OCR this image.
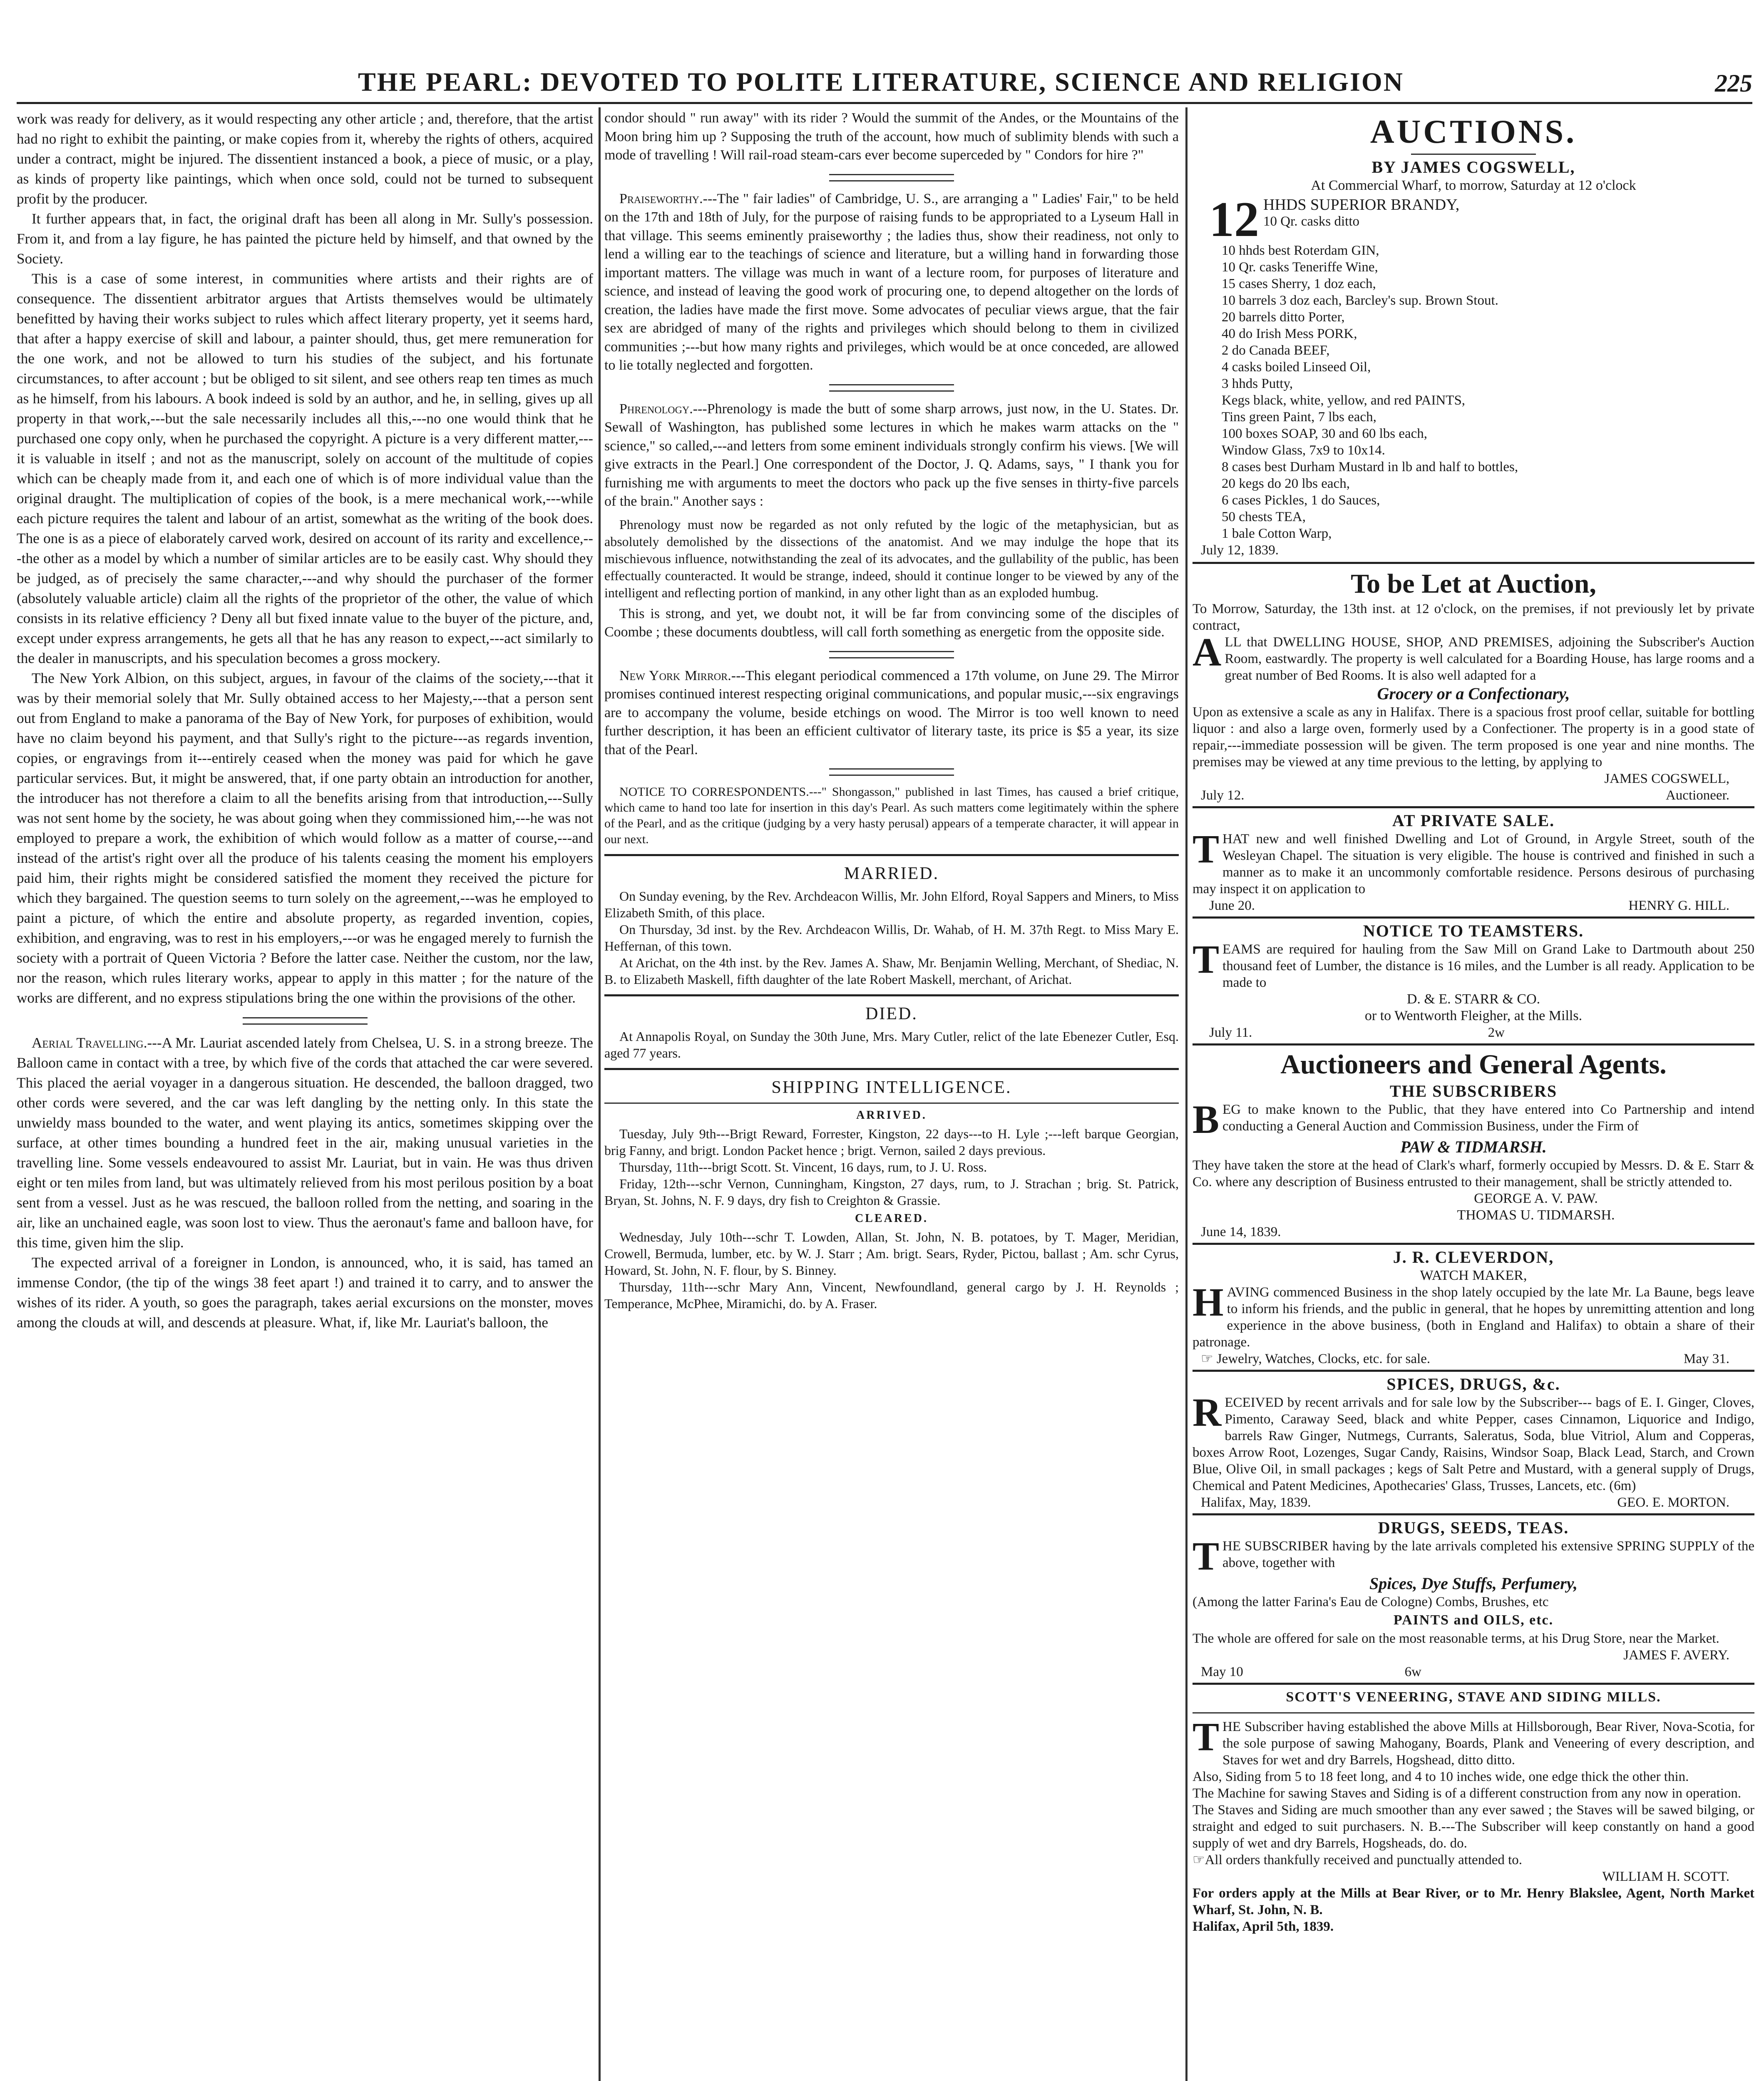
THE PEARL: DEVOTED TO POLITE LITERATURE, SCIENCE AND RELIGION	225

work was ready for delivery, as it would respecting any other article ; and, therefore, that the artist had no right to exhibit the painting, or make copies from it, whereby the rights of others, acquired under a contract, might be injured. The dissentient instanced a book, a piece of music, or a play, as kinds of property like paintings, which when once sold, could not be turned to subsequent profit by the producer.

It further appears that, in fact, the original draft has been all along in Mr. Sully's possession. From it, and from a lay figure, he has painted the picture held by himself, and that owned by the Society.

This is a case of some interest, in communities where artists and their rights are of consequence. The dissentient arbitrator argues that Artists themselves would be ultimately benefitted by having their works subject to rules which affect literary property, yet it seems hard, that after a happy exercise of skill and labour, a painter should, thus, get mere remuneration for the one work, and not be allowed to turn his studies of the subject, and his fortunate circumstances, to after account ; but be obliged to sit silent, and see others reap ten times as much as he himself, from his labours. A book indeed is sold by an author, and he, in selling, gives up all property in that work,---but the sale necessarily includes all this,---no one would think that he purchased one copy only, when he purchased the copyright. A picture is a very different matter,---it is valuable in itself ; and not as the manuscript, solely on account of the multitude of copies which can be cheaply made from it, and each one of which is of more individual value than the original draught. The multiplication of copies of the book, is a mere mechanical work,---while each picture requires the talent and labour of an artist, somewhat as the writing of the book does. The one is as a piece of elaborately carved work, desired on account of its rarity and excellence,---the other as a model by which a number of similar articles are to be easily cast. Why should they be judged, as of precisely the same character,---and why should the purchaser of the former (absolutely valuable article) claim all the rights of the proprietor of the other, the value of which consists in its relative efficiency ? Deny all but fixed innate value to the buyer of the picture, and, except under express arrangements, he gets all that he has any reason to expect,---act similarly to the dealer in manuscripts, and his speculation becomes a gross mockery.

The New York Albion, on this subject, argues, in favour of the claims of the society,---that it was by their memorial solely that Mr. Sully obtained access to her Majesty,---that a person sent out from England to make a panorama of the Bay of New York, for purposes of exhibition, would have no claim beyond his payment, and that Sully's right to the picture---as regards invention, copies, or engravings from it---entirely ceased when the money was paid for which he gave particular services. But, it might be answered, that, if one party obtain an introduction for another, the introducer has not therefore a claim to all the benefits arising from that introduction,---Sully was not sent home by the society, he was about going when they commissioned him,---he was not employed to prepare a work, the exhibition of which would follow as a matter of course,---and instead of the artist's right over all the produce of his talents ceasing the moment his employers paid him, their rights might be considered satisfied the moment they received the picture for which they bargained. The question seems to turn solely on the agreement,---was he employed to paint a picture, of which the entire and absolute property, as regarded invention, copies, exhibition, and engraving, was to rest in his employers,---or was he engaged merely to furnish the society with a portrait of Queen Victoria ? Before the latter case. Neither the custom, nor the law, nor the reason, which rules literary works, appear to apply in this matter ; for the nature of the works are different, and no express stipulations bring the one within the provisions of the other.

Aerial Travelling.---A Mr. Lauriat ascended lately from Chelsea, U. S. in a strong breeze. The Balloon came in contact with a tree, by which five of the cords that attached the car were severed. This placed the aerial voyager in a dangerous situation. He descended, the balloon dragged, two other cords were severed, and the car was left dangling by the netting only. In this state the unwieldy mass bounded to the water, and went playing its antics, sometimes skipping over the surface, at other times bounding a hundred feet in the air, making unusual varieties in the travelling line. Some vessels endeavoured to assist Mr. Lauriat, but in vain. He was thus driven eight or ten miles from land, but was ultimately relieved from his most perilous position by a boat sent from a vessel. Just as he was rescued, the balloon rolled from the netting, and soaring in the air, like an unchained eagle, was soon lost to view. Thus the aeronaut's fame and balloon have, for this time, given him the slip.

The expected arrival of a foreigner in London, is announced, who, it is said, has tamed an immense Condor, (the tip of the wings 38 feet apart !) and trained it to carry, and to answer the wishes of its rider. A youth, so goes the paragraph, takes aerial excursions on the monster, moves among the clouds at will, and descends at pleasure. What, if, like Mr. Lauriat's balloon, the

condor should " run away" with its rider ? Would the summit of the Andes, or the Mountains of the Moon bring him up ? Supposing the truth of the account, how much of sublimity blends with such a mode of travelling ! Will rail-road steam-cars ever become superceded by " Condors for hire ?"

Praiseworthy.---The " fair ladies" of Cambridge, U. S., are arranging a " Ladies' Fair," to be held on the 17th and 18th of July, for the purpose of raising funds to be appropriated to a Lyseum Hall in that village. This seems eminently praiseworthy ; the ladies thus, show their readiness, not only to lend a willing ear to the teachings of science and literature, but a willing hand in forwarding those important matters. The village was much in want of a lecture room, for purposes of literature and science, and instead of leaving the good work of procuring one, to depend altogether on the lords of creation, the ladies have made the first move. Some advocates of peculiar views argue, that the fair sex are abridged of many of the rights and privileges which should belong to them in civilized communities ;---but how many rights and privileges, which would be at once conceded, are allowed to lie totally neglected and forgotten.

Phrenology.---Phrenology is made the butt of some sharp arrows, just now, in the U. States. Dr. Sewall of Washington, has published some lectures in which he makes warm attacks on the " science," so called,---and letters from some eminent individuals strongly confirm his views. [We will give extracts in the Pearl.] One correspondent of the Doctor, J. Q. Adams, says, " I thank you for furnishing me with arguments to meet the doctors who pack up the five senses in thirty-five parcels of the brain." Another says :

Phrenology must now be regarded as not only refuted by the logic of the metaphysician, but as absolutely demolished by the dissections of the anatomist. And we may indulge the hope that its mischievous influence, notwithstanding the zeal of its advocates, and the gullability of the public, has been effectually counteracted. It would be strange, indeed, should it continue longer to be viewed by any of the intelligent and reflecting portion of mankind, in any other light than as an exploded humbug.

This is strong, and yet, we doubt not, it will be far from convincing some of the disciples of Coombe ; these documents doubtless, will call forth something as energetic from the opposite side.

New York Mirror.---This elegant periodical commenced a 17th volume, on June 29. The Mirror promises continued interest respecting original communications, and popular music,---six engravings are to accompany the volume, beside etchings on wood. The Mirror is too well known to need further description, it has been an efficient cultivator of literary taste, its price is $5 a year, its size that of the Pearl.

NOTICE TO CORRESPONDENTS.---" Shongasson," published in last Times, has caused a brief critique, which came to hand too late for insertion in this day's Pearl. As such matters come legitimately within the sphere of the Pearl, and as the critique (judging by a very hasty perusal) appears of a temperate character, it will appear in our next.

MARRIED.

On Sunday evening, by the Rev. Archdeacon Willis, Mr. John Elford, Royal Sappers and Miners, to Miss Elizabeth Smith, of this place.

On Thursday, 3d inst. by the Rev. Archdeacon Willis, Dr. Wahab, of H. M. 37th Regt. to Miss Mary E. Heffernan, of this town.

At Arichat, on the 4th inst. by the Rev. James A. Shaw, Mr. Benjamin Welling, Merchant, of Shediac, N. B. to Elizabeth Maskell, fifth daughter of the late Robert Maskell, merchant, of Arichat.

DIED.

At Annapolis Royal, on Sunday the 30th June, Mrs. Mary Cutler, relict of the late Ebenezer Cutler, Esq. aged 77 years.

SHIPPING INTELLIGENCE.
ARRIVED.

Tuesday, July 9th---Brigt Reward, Forrester, Kingston, 22 days---to H. Lyle ;---left barque Georgian, brig Fanny, and brigt. London Packet hence ; brigt. Vernon, sailed 2 days previous.

Thursday, 11th---brigt Scott. St. Vincent, 16 days, rum, to J. U. Ross.

Friday, 12th---schr Vernon, Cunningham, Kingston, 27 days, rum, to J. Strachan ; brig. St. Patrick, Bryan, St. Johns, N. F. 9 days, dry fish to Creighton & Grassie.

CLEARED.

Wednesday, July 10th---schr T. Lowden, Allan, St. John, N. B. potatoes, by T. Mager, Meridian, Crowell, Bermuda, lumber, etc. by W. J. Starr ; Am. brigt. Sears, Ryder, Pictou, ballast ; Am. schr Cyrus, Howard, St. John, N. F. flour, by S. Binney.

Thursday, 11th---schr Mary Ann, Vincent, Newfoundland, general cargo by J. H. Reynolds ; Temperance, McPhee, Miramichi, do. by A. Fraser.

AUCTIONS.
BY JAMES COGSWELL,
At Commercial Wharf, to morrow, Saturday at 12 o'clock
12 HHDS SUPERIOR BRANDY,
10 Qr. casks ditto
10 hhds best Roterdam GIN,
10 Qr. casks Teneriffe Wine,
15 cases Sherry, 1 doz each,
10 barrels 3 doz each, Barcley's sup. Brown Stout.
20 barrels ditto Porter,
40 do Irish Mess PORK,
2 do Canada BEEF,
4 casks boiled Linseed Oil,
3 hhds Putty,
Kegs black, white, yellow, and red PAINTS,
Tins green Paint, 7 lbs each,
100 boxes SOAP, 30 and 60 lbs each,
Window Glass, 7x9 to 10x14.
8 cases best Durham Mustard in lb and half to bottles,
20 kegs do 20 lbs each,
6 cases Pickles, 1 do Sauces,
50 chests TEA,
1 bale Cotton Warp,

July 12, 1839.

To be Let at Auction,

To Morrow, Saturday, the 13th inst. at 12 o'clock, on the premises, if not previously let by private contract,

ALL that DWELLING HOUSE, SHOP, AND PREMISES, adjoining the Subscriber's Auction Room, eastwardly. The property is well calculated for a Boarding House, has large rooms and a great number of Bed Rooms. It is also well adapted for a

Grocery or a Confectionary,

Upon as extensive a scale as any in Halifax. There is a spacious frost proof cellar, suitable for bottling liquor : and also a large oven, formerly used by a Confectioner. The property is in a good state of repair,---immediate possession will be given. The term proposed is one year and nine months. The premises may be viewed at any time previous to the letting, by applying to

JAMES COGSWELL,
July 12.	Auctioneer.
AT PRIVATE SALE.

THAT new and well finished Dwelling and Lot of Ground, in Argyle Street, south of the Wesleyan Chapel. The situation is very eligible. The house is contrived and finished in such a manner as to make it an uncommonly comfortable residence. Persons desirous of purchasing may inspect it on application to

June 20.	HENRY G. HILL.
NOTICE TO TEAMSTERS.

TEAMS are required for hauling from the Saw Mill on Grand Lake to Dartmouth about 250 thousand feet of Lumber, the distance is 16 miles, and the Lumber is all ready. Application to be made to

D. & E. STARR & CO.
or to Wentworth Fleigher, at the Mills.
July 11.	2w
Auctioneers and General Agents.
THE SUBSCRIBERS

BEG to make known to the Public, that they have entered into Co Partnership and intend conducting a General Auction and Commission Business, under the Firm of

PAW & TIDMARSH.

They have taken the store at the head of Clark's wharf, formerly occupied by Messrs. D. & E. Starr & Co. where any description of Business entrusted to their management, shall be strictly attended to.

GEORGE A. V. PAW.
THOMAS U. TIDMARSH.

June 14, 1839.

J. R. CLEVERDON,
WATCH MAKER,

HAVING commenced Business in the shop lately occupied by the late Mr. La Baune, begs leave to inform his friends, and the public in general, that he hopes by unremitting attention and long experience in the above business, (both in England and Halifax) to obtain a share of their patronage.

☞ Jewelry, Watches, Clocks, etc. for sale.	May 31.
SPICES, DRUGS, &c.

RECEIVED by recent arrivals and for sale low by the Subscriber--- bags of E. I. Ginger, Cloves, Pimento, Caraway Seed, black and white Pepper, cases Cinnamon, Liquorice and Indigo, barrels Raw Ginger, Nutmegs, Currants, Saleratus, Soda, blue Vitriol, Alum and Copperas, boxes Arrow Root, Lozenges, Sugar Candy, Raisins, Windsor Soap, Black Lead, Starch, and Crown Blue, Olive Oil, in small packages ; kegs of Salt Petre and Mustard, with a general supply of Drugs, Chemical and Patent Medicines, Apothecaries' Glass, Trusses, Lancets, etc. (6m)

Halifax, May, 1839.	GEO. E. MORTON.
DRUGS, SEEDS, TEAS.

THE SUBSCRIBER having by the late arrivals completed his extensive SPRING SUPPLY of the above, together with

Spices, Dye Stuffs, Perfumery,

(Among the latter Farina's Eau de Cologne) Combs, Brushes, etc

PAINTS and OILS, etc.

The whole are offered for sale on the most reasonable terms, at his Drug Store, near the Market.

JAMES F. AVERY.
May 10	6w
SCOTT'S VENEERING, STAVE AND SIDING MILLS.

THE Subscriber having established the above Mills at Hillsborough, Bear River, Nova-Scotia, for the sole purpose of sawing Mahogany, Boards, Plank and Veneering of every description, and Staves for wet and dry Barrels, Hogshead, ditto ditto.

Also, Siding from 5 to 18 feet long, and 4 to 10 inches wide, one edge thick the other thin.

The Machine for sawing Staves and Siding is of a different construction from any now in operation.

The Staves and Siding are much smoother than any ever sawed ; the Staves will be sawed bilging, or straight and edged to suit purchasers. N. B.---The Subscriber will keep constantly on hand a good supply of wet and dry Barrels, Hogsheads, do. do.

☞All orders thankfully received and punctually attended to.

WILLIAM H. SCOTT.

For orders apply at the Mills at Bear River, or to Mr. Henry Blakslee, Agent, North Market Wharf, St. John, N. B.

Halifax, April 5th, 1839.
